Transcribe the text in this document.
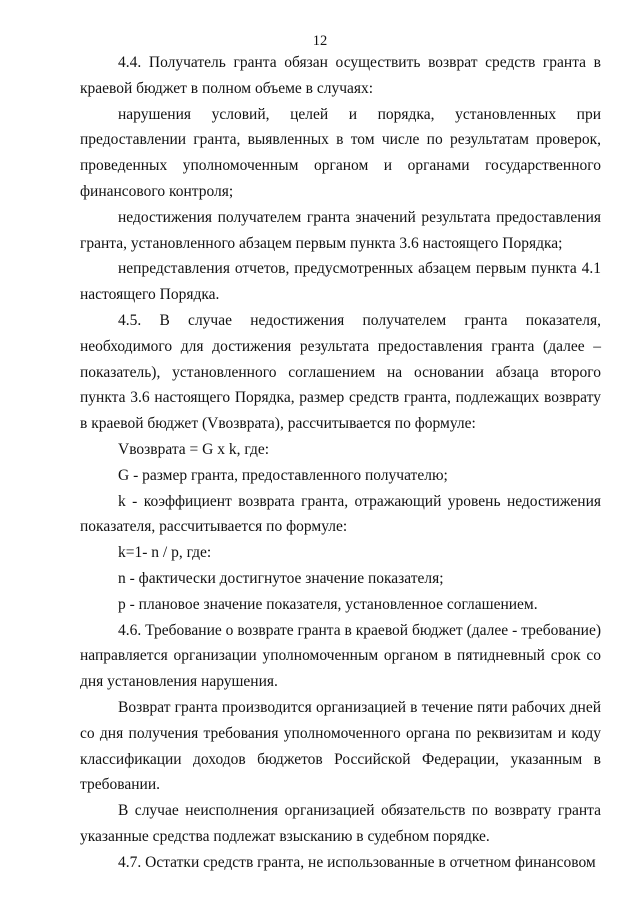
12

4.4. Получатель гранта обязан осуществить возврат средств гранта в краевой бюджет в полном объеме в случаях:

нарушения условий, целей и порядка, установленных при предоставлении гранта, выявленных в том числе по результатам проверок, проведенных уполномоченным органом и органами государственного финансового контроля;

недостижения получателем гранта значений результата предоставления гранта, установленного абзацем первым пункта 3.6 настоящего Порядка;

непредставления отчетов, предусмотренных абзацем первым пункта 4.1 настоящего Порядка.

4.5. В случае недостижения получателем гранта показателя, необходимого для достижения результата предоставления гранта (далее – показатель), установленного соглашением на основании абзаца второго пункта 3.6 настоящего Порядка, размер средств гранта, подлежащих возврату в краевой бюджет (Vвозврата), рассчитывается по формуле:

Vвозврата = G x k, где:

G - размер гранта, предоставленного получателю;

k - коэффициент возврата гранта, отражающий уровень недостижения показателя, рассчитывается по формуле:

k=1- n / p, где:

n - фактически достигнутое значение показателя;

p - плановое значение показателя, установленное соглашением.

4.6. Требование о возврате гранта в краевой бюджет (далее - требование) направляется организации уполномоченным органом в пятидневный срок со дня установления нарушения.

Возврат гранта производится организацией в течение пяти рабочих дней со дня получения требования уполномоченного органа по реквизитам и коду классификации доходов бюджетов Российской Федерации, указанным в требовании.

В случае неисполнения организацией обязательств по возврату гранта указанные средства подлежат взысканию в судебном порядке.

4.7. Остатки средств гранта, не использованные в отчетном финансовом
